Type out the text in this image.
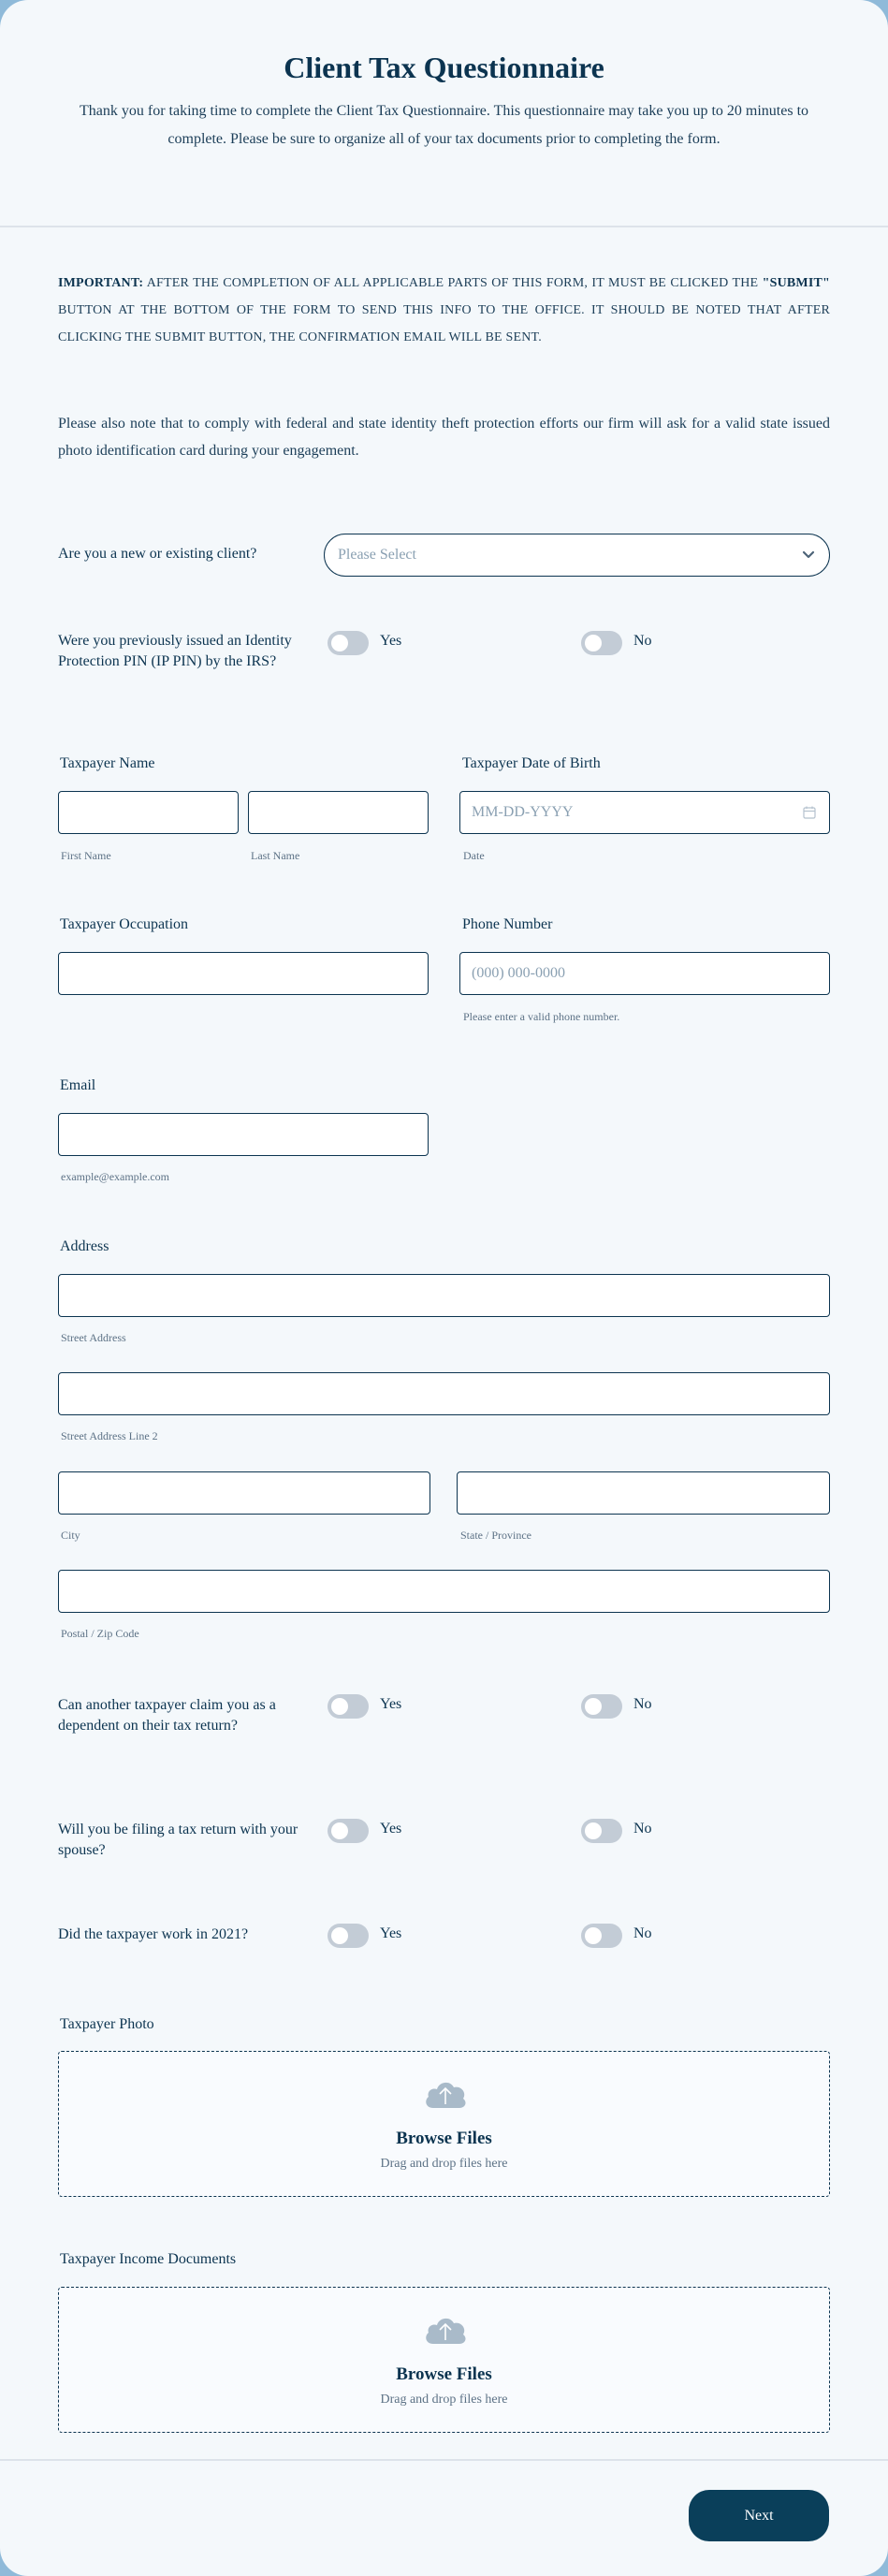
Client Tax Questionnaire
Thank you for taking time to complete the Client Tax Questionnaire. This questionnaire may take you up to 20 minutes to complete. Please be sure to organize all of your tax documents prior to completing the form.
IMPORTANT: AFTER THE COMPLETION OF ALL APPLICABLE PARTS OF THIS FORM, IT MUST BE CLICKED THE "SUBMIT" BUTTON AT THE BOTTOM OF THE FORM TO SEND THIS INFO TO THE OFFICE. IT SHOULD BE NOTED THAT AFTER CLICKING THE SUBMIT BUTTON, THE CONFIRMATION EMAIL WILL BE SENT.
Please also note that to comply with federal and state identity theft protection efforts our firm will ask for a valid state issued photo identification card during your engagement.
Are you a new or existing client?	Please Select
Were you previously issued an Identity Protection PIN (IP PIN) by the IRS?
Yes	No
Taxpayer Name
First Name	Last Name
Taxpayer Date of Birth
MM-DD-YYYY
Date
Taxpayer Occupation	Phone Number
(000) 000-0000
Please enter a valid phone number.
Email
example@example.com
Address
Street Address
Street Address Line 2
City	State / Province
Postal / Zip Code
Can another taxpayer claim you as a dependent on their tax return?
Yes	No
Will you be filing a tax return with your spouse?
Yes	No
Did the taxpayer work in 2021?	Yes	No
Taxpayer Photo
Browse Files
Drag and drop files here
Taxpayer Income Documents
Browse Files
Drag and drop files here
Next
